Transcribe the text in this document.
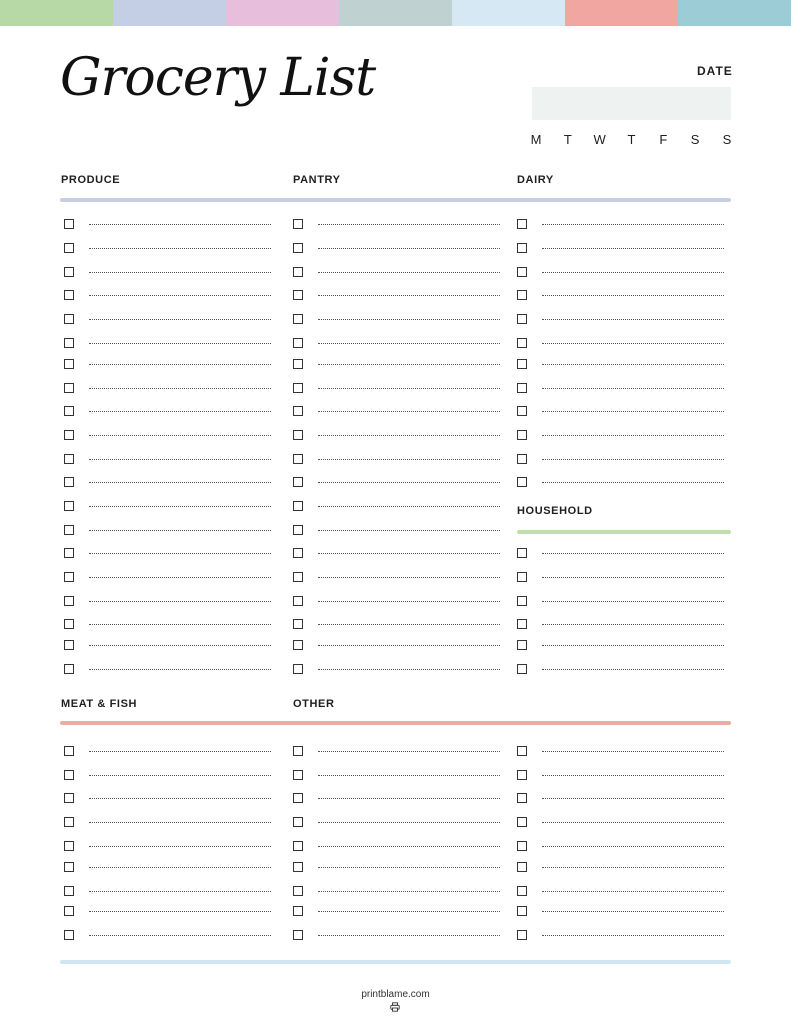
Grocery List	DATE
M	T	W	T	F	S	S
PRODUCE	PANTRY	DAIRY
HOUSEHOLD
MEAT & FISH	OTHER
printblame.com
